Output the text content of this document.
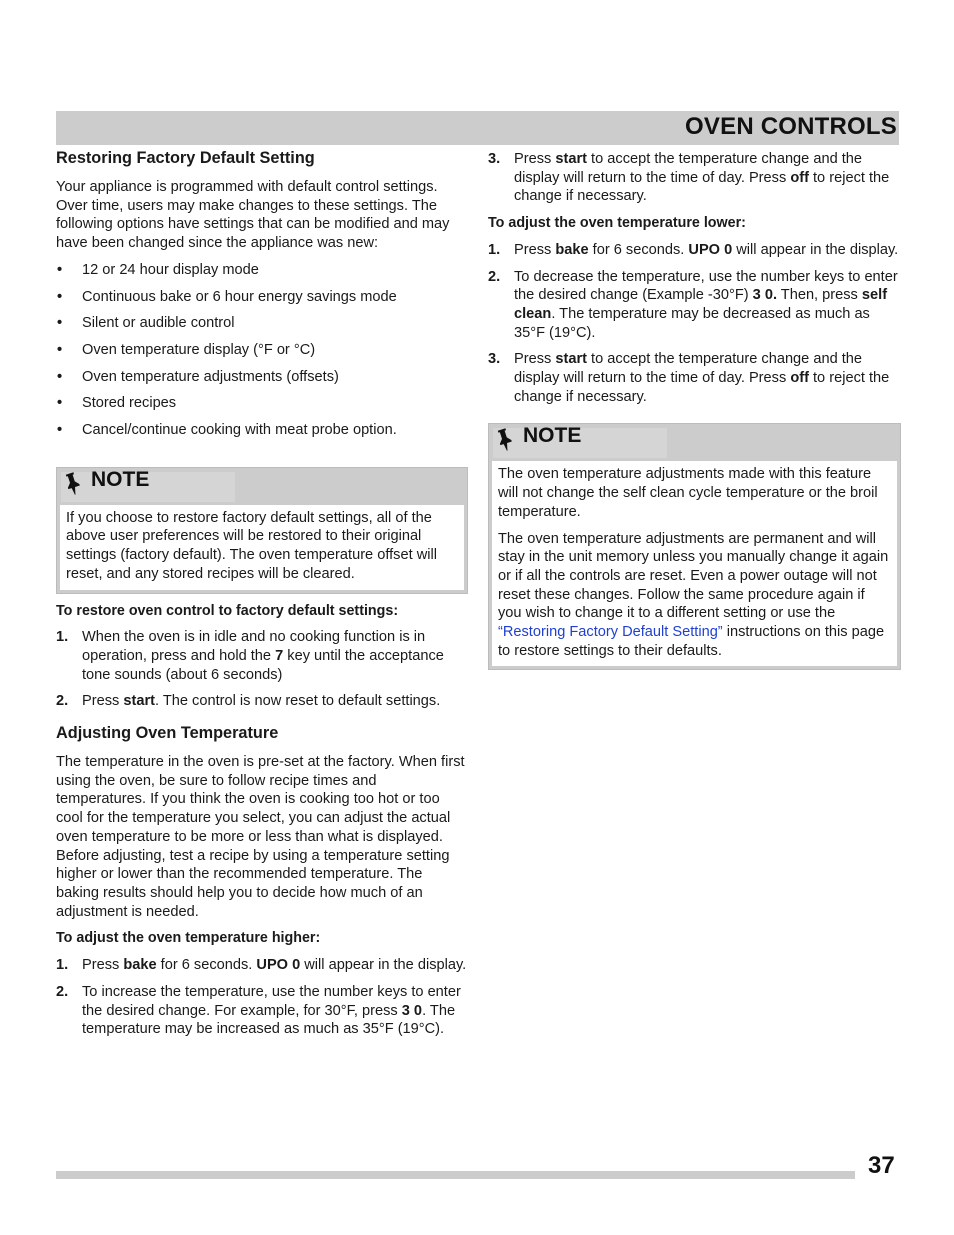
OVEN CONTROLS
Restoring Factory Default Setting

Your appliance is programmed with default control settings. Over time, users may make changes to these settings. The following options have settings that can be modified and may have been changed since the appliance was new:

• 12 or 24 hour display mode
• Continuous bake or 6 hour energy savings mode
• Silent or audible control
• Oven temperature display (°F or °C)
• Oven temperature adjustments (offsets)
• Stored recipes
• Cancel/continue cooking with meat probe option.
NOTE

If you choose to restore factory default settings, all of the above user preferences will be restored to their original settings (factory default). The oven temperature offset will reset, and any stored recipes will be cleared.

To restore oven control to factory default settings:

1. When the oven is in idle and no cooking function is in operation, press and hold the 7 key until the acceptance tone sounds (about 6 seconds)
2. Press start. The control is now reset to default settings.
Adjusting Oven Temperature

The temperature in the oven is pre-set at the factory. When first using the oven, be sure to follow recipe times and temperatures. If you think the oven is cooking too hot or too cool for the temperature you select, you can adjust the actual oven temperature to be more or less than what is displayed. Before adjusting, test a recipe by using a temperature setting higher or lower than the recommended temperature. The baking results should help you to decide how much of an adjustment is needed.

To adjust the oven temperature higher:

1. Press bake for 6 seconds. UPO 0 will appear in the display.
2. To increase the temperature, use the number keys to enter the desired change. For example, for 30°F, press 3 0. The temperature may be increased as much as 35°F (19°C).
3. Press start to accept the temperature change and the display will return to the time of day. Press off to reject the change if necessary.

To adjust the oven temperature lower:

1. Press bake for 6 seconds. UPO 0 will appear in the display.
2. To decrease the temperature, use the number keys to enter the desired change (Example -30°F) 3 0. Then, press self clean. The temperature may be decreased as much as 35°F (19°C).
3. Press start to accept the temperature change and the display will return to the time of day. Press off to reject the change if necessary.
NOTE

The oven temperature adjustments made with this feature will not change the self clean cycle temperature or the broil temperature.

The oven temperature adjustments are permanent and will stay in the unit memory unless you manually change it again or if all the controls are reset. Even a power outage will not reset these changes. Follow the same procedure again if you wish to change it to a different setting or use the “Restoring Factory Default Setting” instructions on this page to restore settings to their defaults.

37
